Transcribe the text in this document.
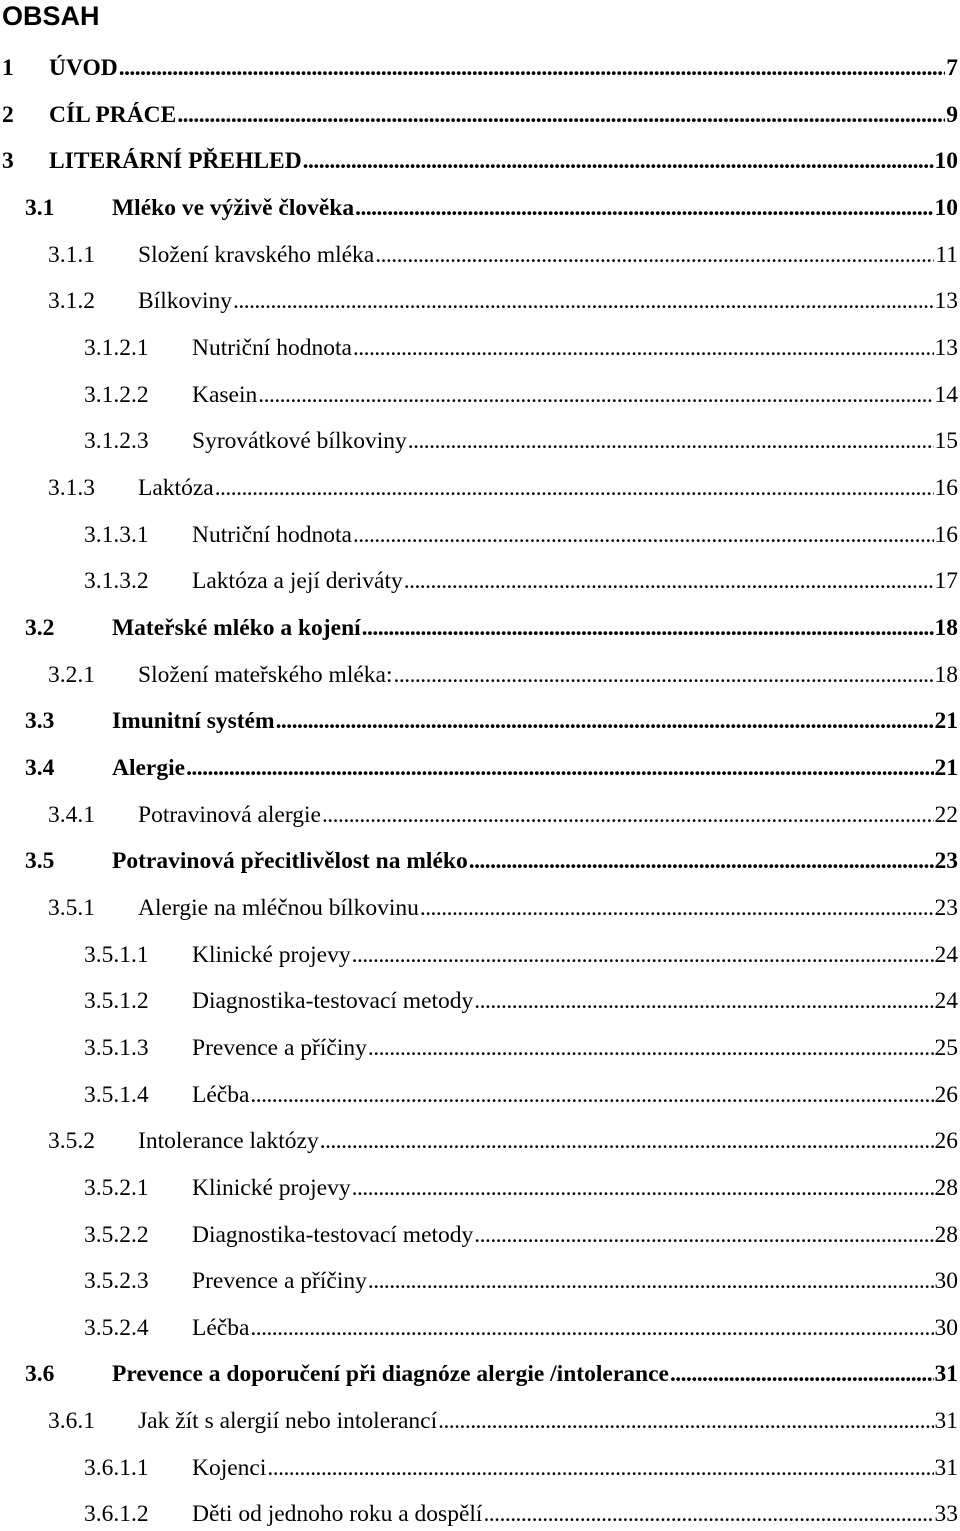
OBSAH
1	ÚVOD . . .	7
2	CÍL PRÁCE . . .	9
3	LITERÁRNÍ PŘEHLED . . .	10
3.1	Mléko ve výživě člověka . . .	10
3.1.1	Složení kravského mléka . . .	11
3.1.2	Bílkoviny . . .	13
3.1.2.1	Nutriční hodnota . . .	13
3.1.2.2	Kasein . . .	14
3.1.2.3	Syrovátkové bílkoviny . . .	15
3.1.3	Laktóza . . .	16
3.1.3.1	Nutriční hodnota . . .	16
3.1.3.2	Laktóza a její deriváty . . .	17
3.2	Mateřské mléko a kojení . . .	18
3.2.1	Složení mateřského mléka: . . .	18
3.3	Imunitní systém . . .	21
3.4	Alergie . . .	21
3.4.1	Potravinová alergie . . .	22
3.5	Potravinová přecitlivělost na mléko . . .	23
3.5.1	Alergie na mléčnou bílkovinu . . .	23
3.5.1.1	Klinické projevy . . .	24
3.5.1.2	Diagnostika-testovací metody . . .	24
3.5.1.3	Prevence a příčiny . . .	25
3.5.1.4	Léčba . . .	26
3.5.2	Intolerance laktózy . . .	26
3.5.2.1	Klinické projevy . . .	28
3.5.2.2	Diagnostika-testovací metody . . .	28
3.5.2.3	Prevence a příčiny . . .	30
3.5.2.4	Léčba . . .	30
3.6	Prevence a doporučení při diagnóze alergie /intolerance . . .	31
3.6.1	Jak žít s alergií nebo intolerancí . . .	31
3.6.1.1	Kojenci . . .	31
3.6.1.2	Děti od jednoho roku a dospělí . . .	33
